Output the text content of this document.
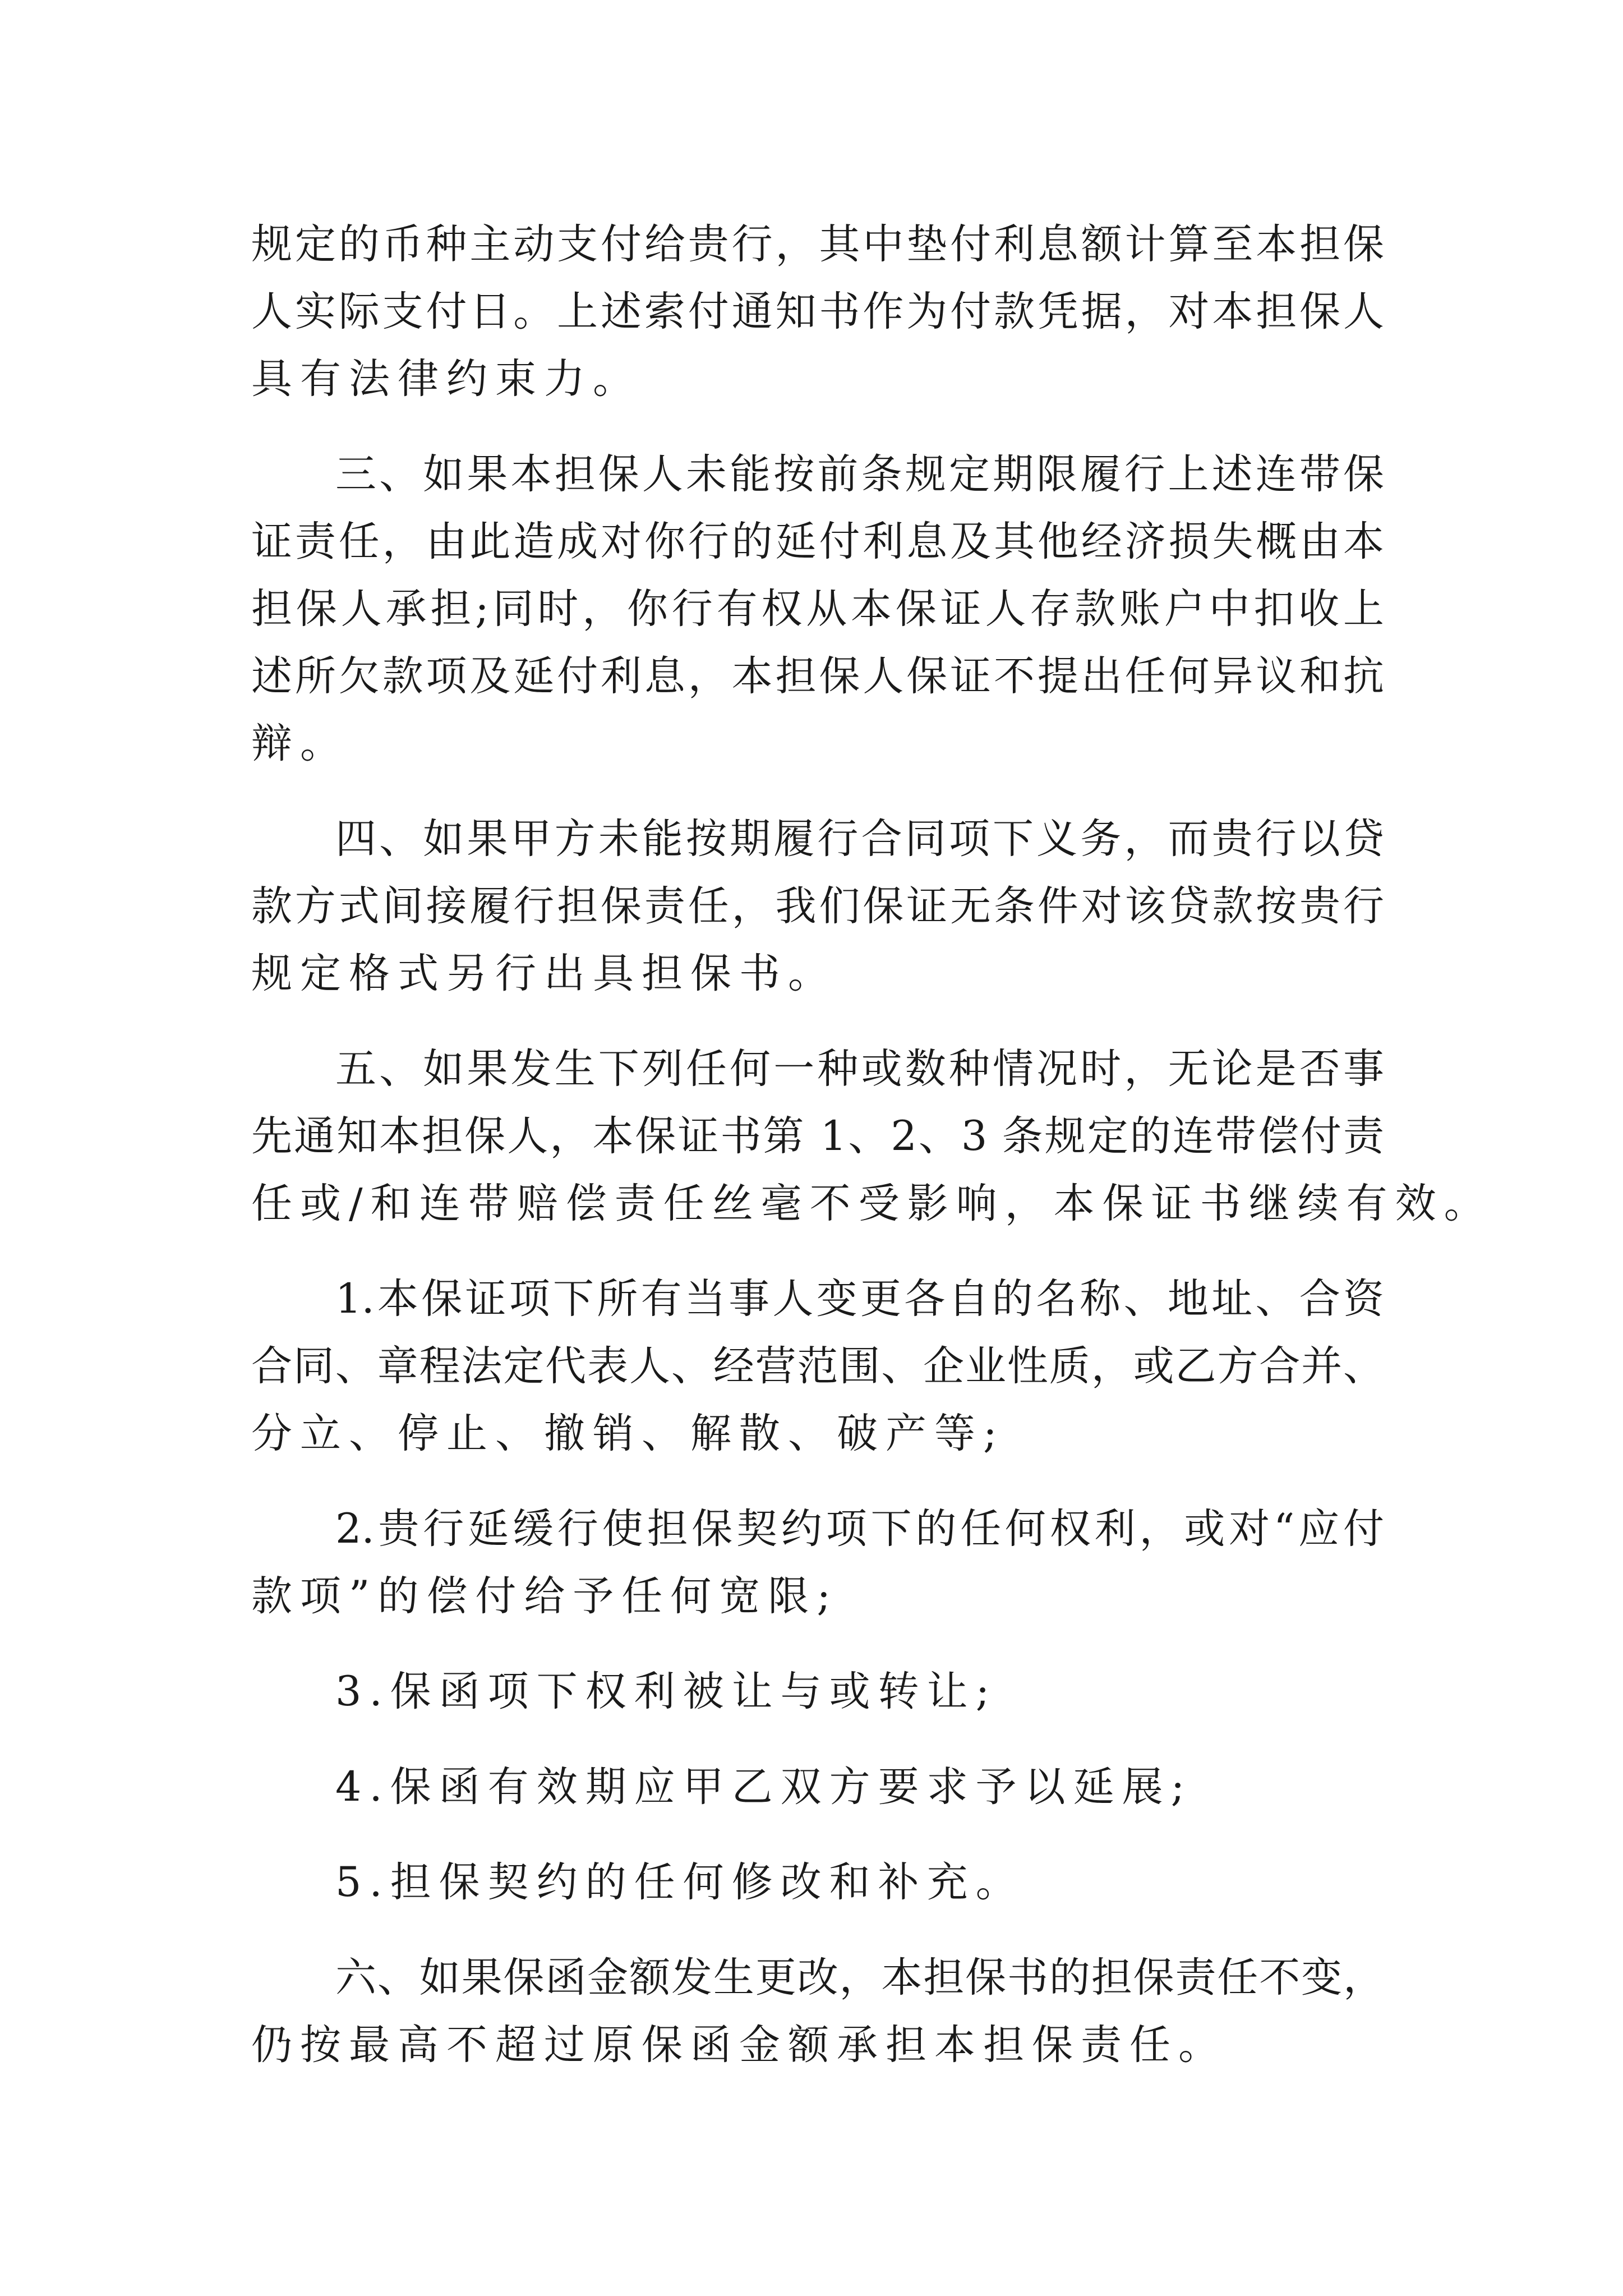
规定的币种主动支付给贵行，其中垫付利息额计算至本担保
人实际支付日。上述索付通知书作为付款凭据，对本担保人
具有法律约束力。
三、如果本担保人未能按前条规定期限履行上述连带保
证责任，由此造成对你行的延付利息及其他经济损失概由本
担保人承担;同时，你行有权从本保证人存款账户中扣收上
述所欠款项及延付利息，本担保人保证不提出任何异议和抗
辩。
四、如果甲方未能按期履行合同项下义务，而贵行以贷
款方式间接履行担保责任，我们保证无条件对该贷款按贵行
规定格式另行出具担保书。
五、如果发生下列任何一种或数种情况时，无论是否事
先通知本担保人，本保证书第 1、2、3 条规定的连带偿付责
任或/和连带赔偿责任丝毫不受影响，本保证书继续有效。
1.本保证项下所有当事人变更各自的名称、地址、合资
合同、章程法定代表人、经营范围、企业性质，或乙方合并、
分立、停止、撤销、解散、破产等;
2.贵行延缓行使担保契约项下的任何权利，或对“应付
款项”的偿付给予任何宽限;
3.保函项下权利被让与或转让;
4.保函有效期应甲乙双方要求予以延展;
5.担保契约的任何修改和补充。
六、如果保函金额发生更改，本担保书的担保责任不变，
仍按最高不超过原保函金额承担本担保责任。
